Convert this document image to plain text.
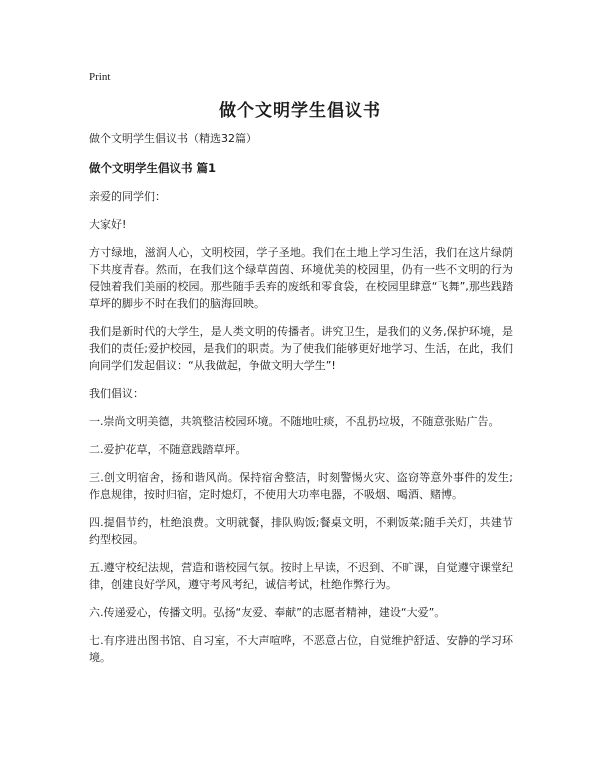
Print
做个文明学生倡议书

做个文明学生倡议书（精选32篇）

做个文明学生倡议书 篇1

亲爱的同学们：

大家好!

方寸绿地，滋润人心，文明校园，学子圣地。我们在土地上学习生活，我们在这片绿荫下共度青春。然而，在我们这个绿草茵茵、环境优美的校园里，仍有一些不文明的行为侵蚀着我们美丽的校园。那些随手丢弃的废纸和零食袋，在校园里肆意“飞舞”,那些践踏草坪的脚步不时在我们的脑海回映。

我们是新时代的大学生，是人类文明的传播者。讲究卫生，是我们的义务,保护环境，是我们的责任;爱护校园，是我们的职责。为了使我们能够更好地学习、生活，在此，我们向同学们发起倡议：“从我做起，争做文明大学生”!

我们倡议：

一.崇尚文明美德，共筑整洁校园环境。不随地吐痰，不乱扔垃圾，不随意张贴广告。

二.爱护花草，不随意践踏草坪。

三.创文明宿舍，扬和谐风尚。保持宿舍整洁，时刻警惕火灾、盗窃等意外事件的发生;作息规律，按时归宿，定时熄灯，不使用大功率电器，不吸烟、喝酒、赌博。

四.提倡节约，杜绝浪费。文明就餐，排队购饭;餐桌文明，不剩饭菜;随手关灯，共建节约型校园。

五.遵守校纪法规，营造和谐校园气氛。按时上早读，不迟到、不旷课，自觉遵守课堂纪律，创建良好学风，遵守考风考纪，诚信考试，杜绝作弊行为。

六.传递爱心，传播文明。弘扬“友爱、奉献”的志愿者精神，建设“大爱”。

七.有序进出图书馆、自习室，不大声喧哗，不恶意占位，自觉维护舒适、安静的学习环境。
